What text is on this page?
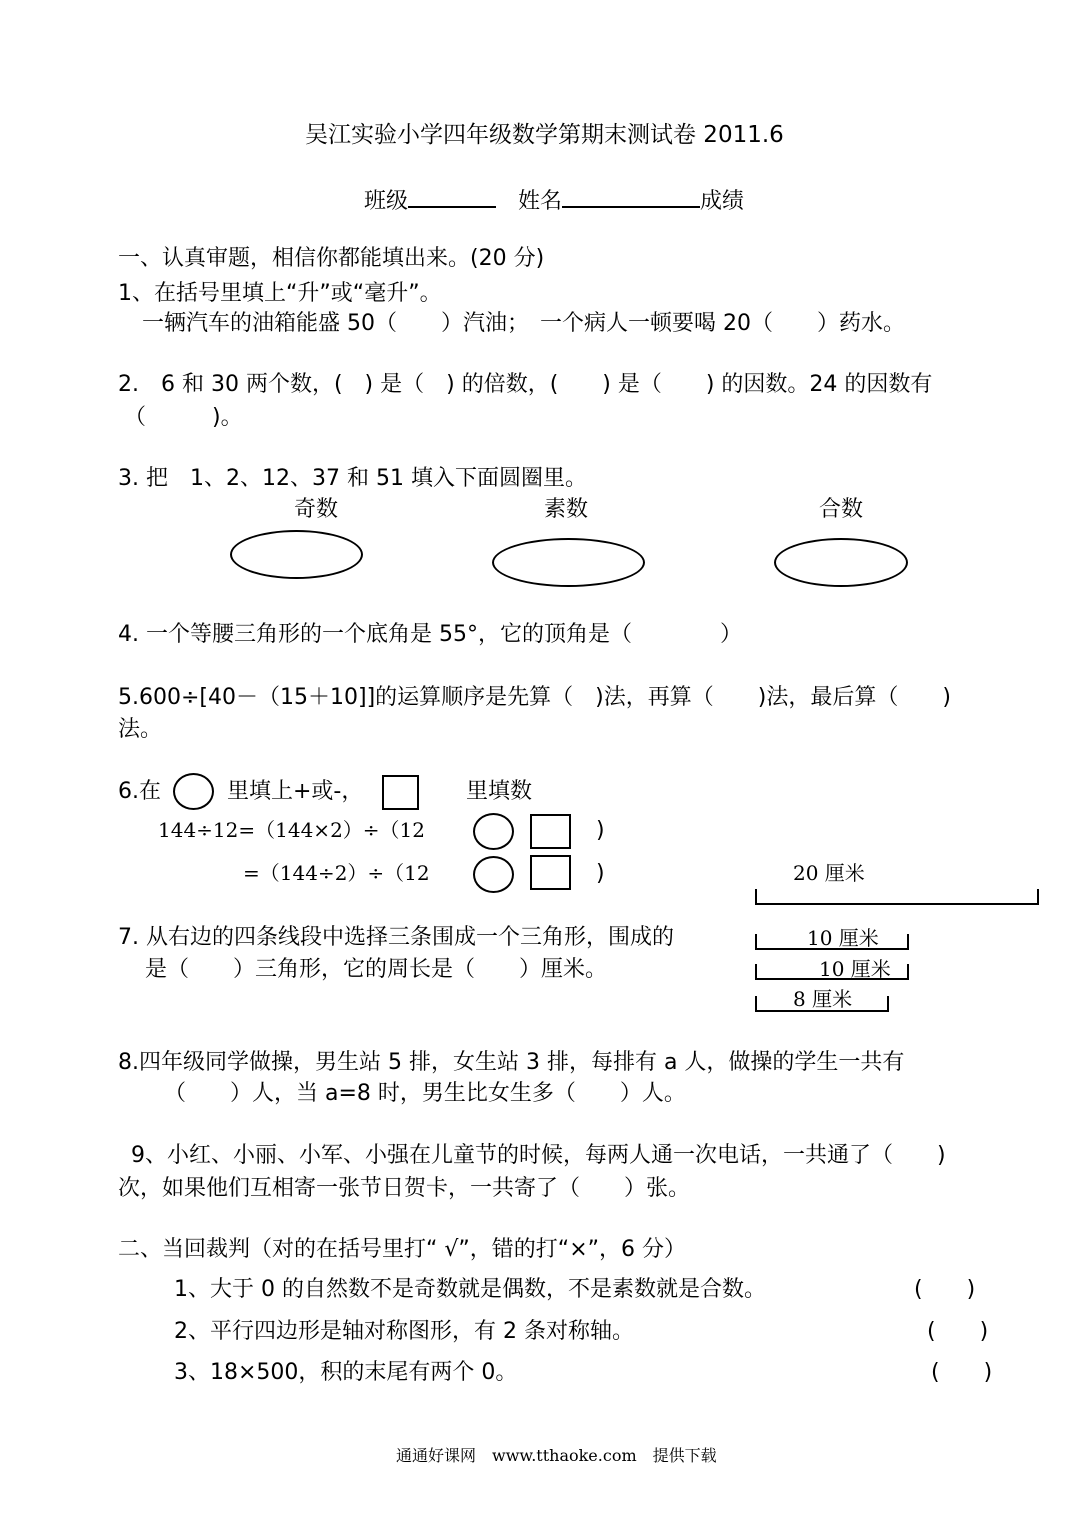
吴江实验小学四年级数学第期末测试卷 2011.6
班级	姓名	成绩
一、认真审题，相信你都能填出来。(20 分)
1、在括号里填上“升”或“毫升”。
一辆汽车的油箱能盛 50（　　）汽油；　一个病人一顿要喝 20（　　）药水。
2.　6 和 30 两个数，(　) 是（　) 的倍数，(　　) 是（　　) 的因数。24 的因数有
（　　　)。
3. 把　1、2、12、37 和 51 填入下面圆圈里。
奇数	素数	合数
4. 一个等腰三角形的一个底角是 55°，它的顶角是（　　　　）
5.600÷[40－（15＋10]]的运算顺序是先算（　)法，再算（　　)法，最后算（　　)
法。
6.在	里填上+或-，	里填数
144÷12=（144×2）÷（12	)
=（144÷2）÷（12	)	20 厘米
7. 从右边的四条线段中选择三条围成一个三角形，围成的
是（　　）三角形，它的周长是（　　）厘米。
10 厘米
10 厘米
8 厘米
8.四年级同学做操，男生站 5 排，女生站 3 排，每排有 a 人，做操的学生一共有
（　　）人，当 a=8 时，男生比女生多（　　）人。
9、小红、小丽、小军、小强在儿童节的时候，每两人通一次电话，一共通了（　　)
次，如果他们互相寄一张节日贺卡，一共寄了（　　）张。
二、当回裁判（对的在括号里打“ √”，错的打“×”，6 分）
1、大于 0 的自然数不是奇数就是偶数，不是素数就是合数。	(　　)
2、平行四边形是轴对称图形，有 2 条对称轴。	(　　)
3、18×500，积的末尾有两个 0。	(　　)
通通好课网　www.tthaoke.com　提供下载
